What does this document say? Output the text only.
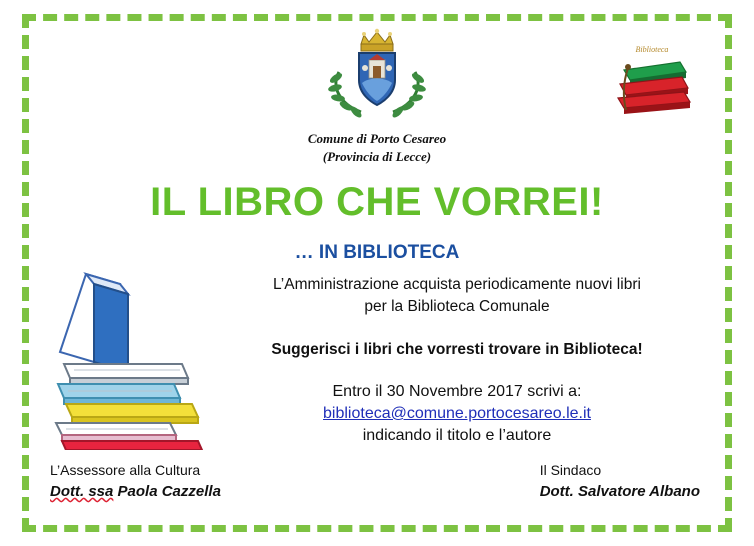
Biblioteca
Comune di Porto Cesareo
(Provincia di Lecce)
IL LIBRO CHE VORREI!
… IN BIBLIOTECA
L’Amministrazione acquista periodicamente nuovi libri
per la Biblioteca Comunale
Suggerisci i libri che vorresti trovare in Biblioteca!
Entro il 30 Novembre 2017 scrivi a:
biblioteca@comune.portocesareo.le.it
indicando il titolo e l’autore
L’Assessore alla Cultura
Dott. ssa Paola Cazzella
Il Sindaco
Dott. Salvatore Albano
